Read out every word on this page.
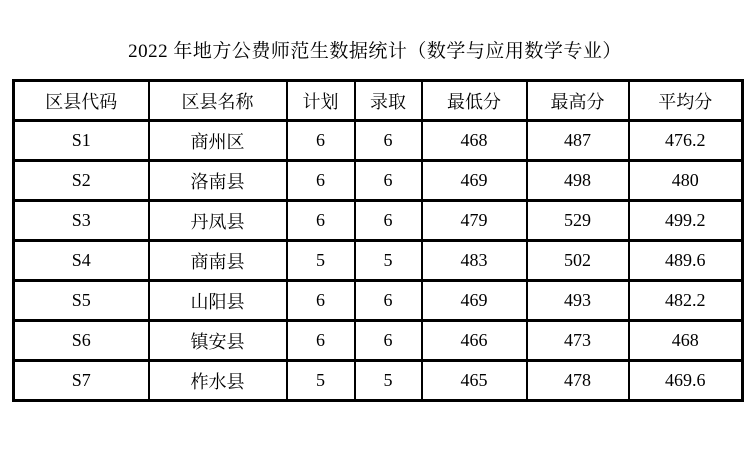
2022 年地方公费师范生数据统计（数学与应用数学专业）
区县代码	区县名称	计划	录取	最低分	最高分	平均分
S1	商州区	6	6	468	487	476.2
S2	洛南县	6	6	469	498	480
S3	丹凤县	6	6	479	529	499.2
S4	商南县	5	5	483	502	489.6
S5	山阳县	6	6	469	493	482.2
S6	镇安县	6	6	466	473	468
S7	柞水县	5	5	465	478	469.6
